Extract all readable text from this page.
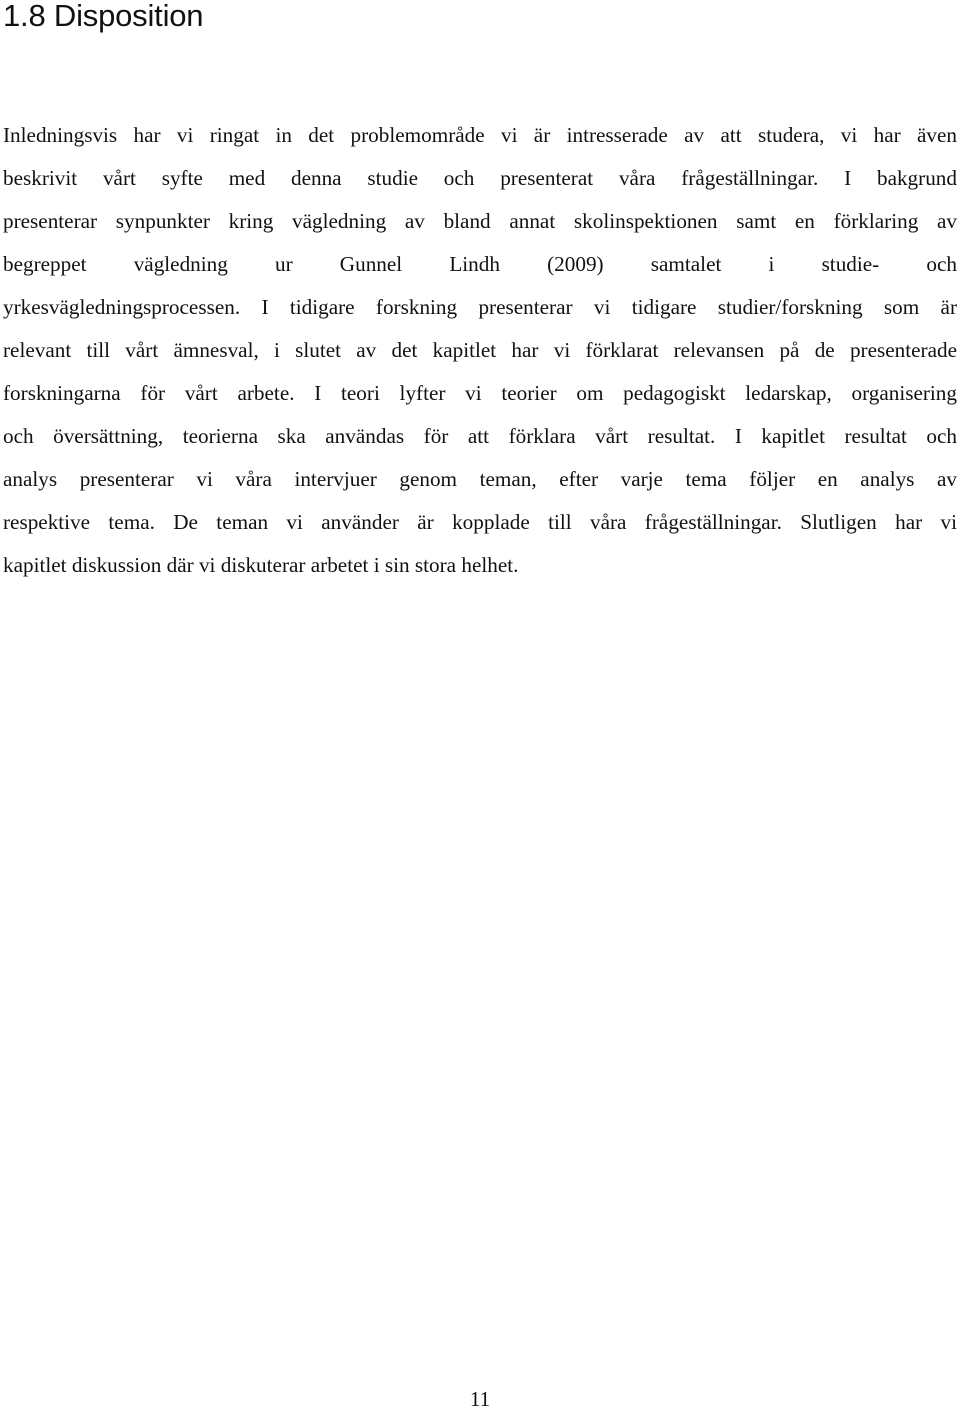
1.8 Disposition
Inledningsvis har vi ringat in det problemområde vi är intresserade av att studera, vi har även
beskrivit vårt syfte med denna studie och presenterat våra frågeställningar. I bakgrund
presenterar synpunkter kring vägledning av bland annat skolinspektionen samt en förklaring av
begreppet vägledning ur Gunnel Lindh (2009) samtalet i studie- och
yrkesvägledningsprocessen. I tidigare forskning presenterar vi tidigare studier/forskning som är
relevant till vårt ämnesval, i slutet av det kapitlet har vi förklarat relevansen på de presenterade
forskningarna för vårt arbete. I teori lyfter vi teorier om pedagogiskt ledarskap, organisering
och översättning, teorierna ska användas för att förklara vårt resultat. I kapitlet resultat och
analys presenterar vi våra intervjuer genom teman, efter varje tema följer en analys av
respektive tema. De teman vi använder är kopplade till våra frågeställningar. Slutligen har vi
kapitlet diskussion där vi diskuterar arbetet i sin stora helhet.
11
